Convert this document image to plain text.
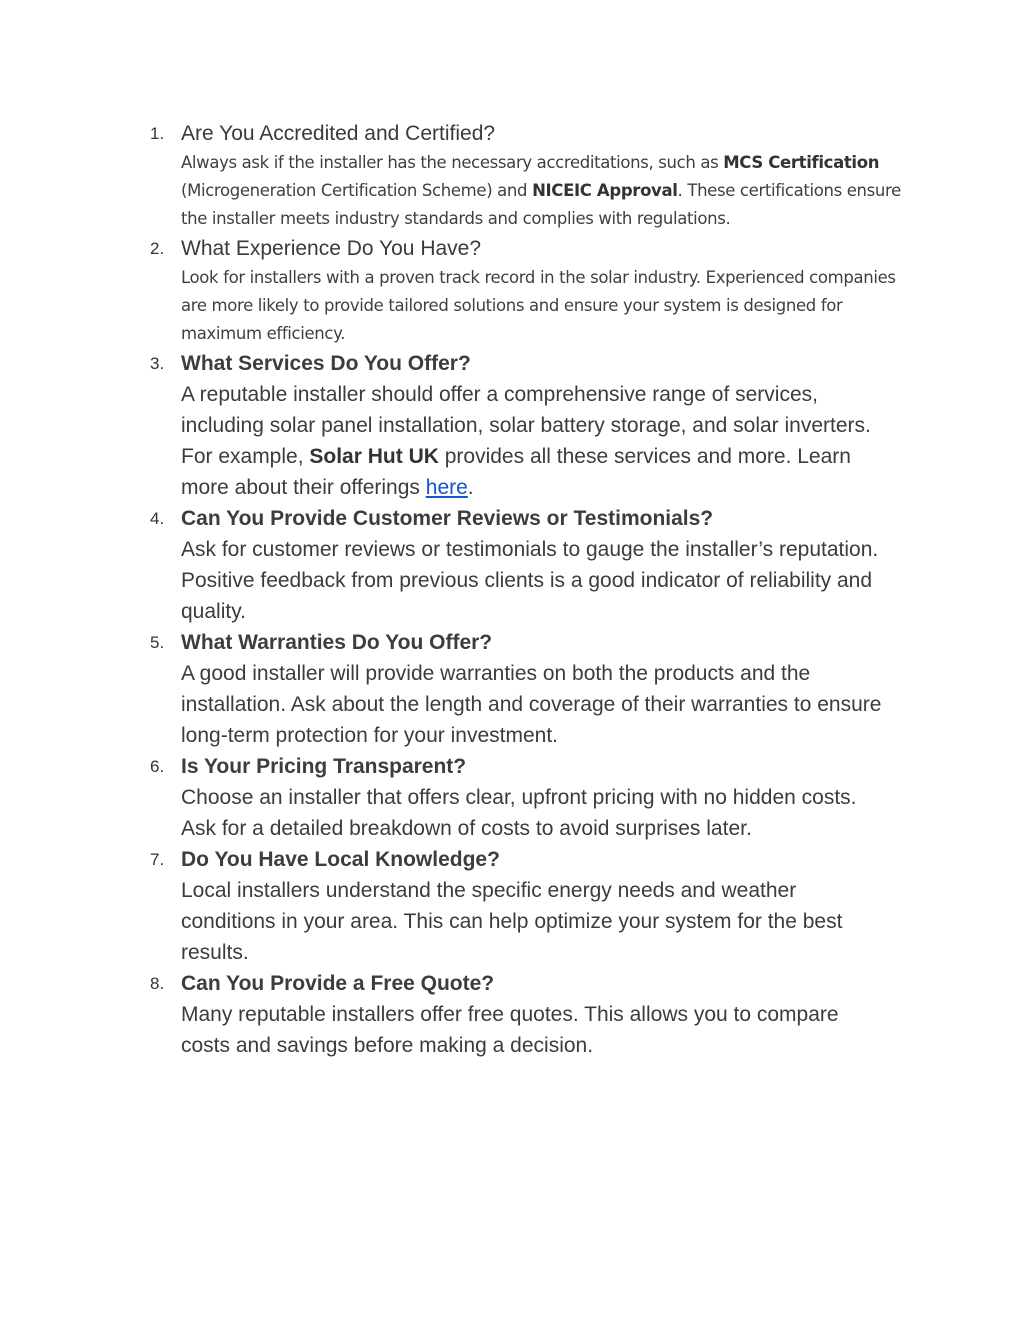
1. Are You Accredited and Certified?
Always ask if the installer has the necessary accreditations, such as MCS Certification (Microgeneration Certification Scheme) and NICEIC Approval. These certifications ensure the installer meets industry standards and complies with regulations.
2. What Experience Do You Have?
Look for installers with a proven track record in the solar industry. Experienced companies are more likely to provide tailored solutions and ensure your system is designed for maximum efficiency.
3. What Services Do You Offer?
A reputable installer should offer a comprehensive range of services, including solar panel installation, solar battery storage, and solar inverters. For example, Solar Hut UK provides all these services and more. Learn more about their offerings here.
4. Can You Provide Customer Reviews or Testimonials?
Ask for customer reviews or testimonials to gauge the installer’s reputation. Positive feedback from previous clients is a good indicator of reliability and quality.
5. What Warranties Do You Offer?
A good installer will provide warranties on both the products and the installation. Ask about the length and coverage of their warranties to ensure long-term protection for your investment.
6. Is Your Pricing Transparent?
Choose an installer that offers clear, upfront pricing with no hidden costs. Ask for a detailed breakdown of costs to avoid surprises later.
7. Do You Have Local Knowledge?
Local installers understand the specific energy needs and weather conditions in your area. This can help optimize your system for the best results.
8. Can You Provide a Free Quote?
Many reputable installers offer free quotes. This allows you to compare costs and savings before making a decision.
